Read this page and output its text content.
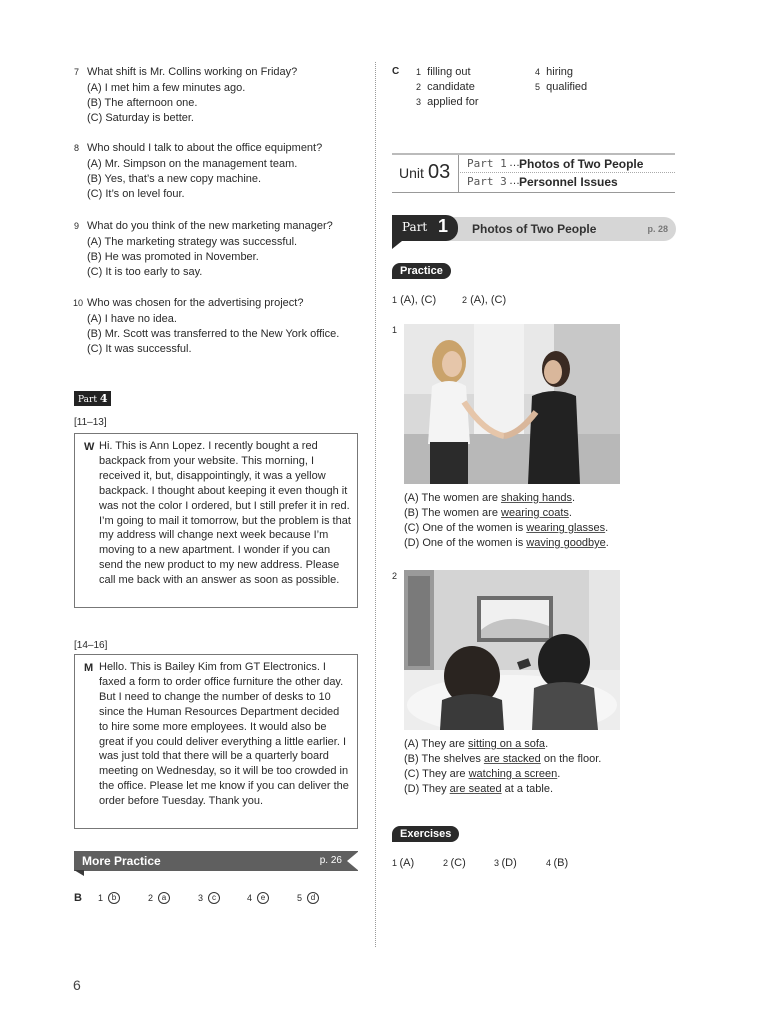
7 What shift is Mr. Collins working on Friday?
(A) I met him a few minutes ago.
(B) The afternoon one.
(C) Saturday is better.
8 Who should I talk to about the office equipment?
(A) Mr. Simpson on the management team.
(B) Yes, that’s a new copy machine.
(C) It’s on level four.
9 What do you think of the new marketing manager?
(A) The marketing strategy was successful.
(B) He was promoted in November.
(C) It is too early to say.
10 Who was chosen for the advertising project?
(A) I have no idea.
(B) Mr. Scott was transferred to the New York office.
(C) It was successful.
Part 4
[11–13]
W Hi. This is Ann Lopez. I recently bought a red backpack from your website. This morning, I received it, but, disappointingly, it was a yellow backpack. I thought about keeping it even though it was not the color I ordered, but I still prefer it in red. I’m going to mail it tomorrow, but the problem is that my address will change next week because I’m moving to a new apartment. I wonder if you can send the new product to my new address. Please call me back with an answer as soon as possible.
[14–16]
M Hello. This is Bailey Kim from GT Electronics. I faxed a form to order office furniture the other day. But I need to change the number of desks to 10 since the Human Resources Department decided to hire some more employees. It would also be great if you could deliver everything a little earlier. I was just told that there will be a quarterly board meeting on Wednesday, so it will be too crowded in the office. Please let me know if you can deliver the order before Tuesday. Thank you.
More Practice	p. 26
B 1  b	2  a	3  c	4  e	5  d
6
C 1 filling out
2 candidate
3 applied for
4 hiring
5 qualified
Unit 03 Part 1 … Photos of Two People
Part 3 … Personnel Issues
Part 1 Photos of Two People	p. 28
Practice
1 (A), (C)	2 (A), (C)
1
(A) The women are shaking hands.
(B) The women are wearing coats.
(C) One of the women is wearing glasses.
(D) One of the women is waving goodbye.
2
(A) They are sitting on a sofa.
(B) The shelves are stacked on the floor.
(C) They are watching a screen.
(D) They are seated at a table.
Exercises
1 (A)	2 (C)	3 (D)	4 (B)
